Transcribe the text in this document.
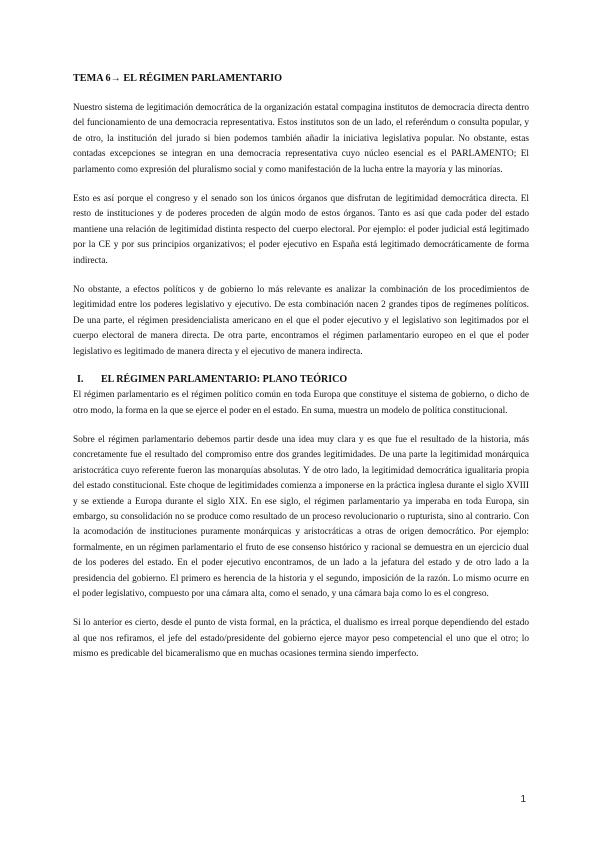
TEMA 6→ EL RÉGIMEN PARLAMENTARIO

Nuestro sistema de legitimación democrática de la organización estatal compagina institutos de democracia directa dentro del funcionamiento de una democracia representativa. Estos institutos son de un lado, el referéndum o consulta popular, y de otro, la institución del jurado si bien podemos también añadir la iniciativa legislativa popular. No obstante, estas contadas excepciones se integran en una democracia representativa cuyo núcleo esencial es el PARLAMENTO; El parlamento como expresión del pluralismo social y como manifestación de la lucha entre la mayoría y las minorías.

Esto es así porque el congreso y el senado son los únicos órganos que disfrutan de legitimidad democrática directa. El resto de instituciones y de poderes proceden de algún modo de estos órganos. Tanto es así que cada poder del estado mantiene una relación de legitimidad distinta respecto del cuerpo electoral. Por ejemplo: el poder judicial está legitimado por la CE y por sus principios organizativos; el poder ejecutivo en España está legitimado democráticamente de forma indirecta.

No obstante, a efectos políticos y de gobierno lo más relevante es analizar la combinación de los procedimientos de legitimidad entre los poderes legislativo y ejecutivo. De esta combinación nacen 2 grandes tipos de regímenes políticos. De una parte, el régimen presidencialista americano en el que el poder ejecutivo y el legislativo son legitimados por el cuerpo electoral de manera directa. De otra parte, encontramos el régimen parlamentario europeo en el que el poder legislativo es legitimado de manera directa y el ejecutivo de manera indirecta.

I.	EL RÉGIMEN PARLAMENTARIO: PLANO TEÓRICO

El régimen parlamentario es el régimen político común en toda Europa que constituye el sistema de gobierno, o dicho de otro modo, la forma en la que se ejerce el poder en el estado. En suma, muestra un modelo de política constitucional.

Sobre el régimen parlamentario debemos partir desde una idea muy clara y es que fue el resultado de la historia, más concretamente fue el resultado del compromiso entre dos grandes legitimidades. De una parte la legitimidad monárquica aristocrática cuyo referente fueron las monarquías absolutas. Y de otro lado, la legitimidad democrática igualitaria propia del estado constitucional. Este choque de legitimidades comienza a imponerse en la práctica inglesa durante el siglo XVIII y se extiende a Europa durante el siglo XIX. En ese siglo, el régimen parlamentario ya imperaba en toda Europa, sin embargo, su consolidación no se produce como resultado de un proceso revolucionario o rupturista, sino al contrario. Con la acomodación de instituciones puramente monárquicas y aristocráticas a otras de origen democrático. Por ejemplo: formalmente, en un régimen parlamentario el fruto de ese consenso histórico y racional se demuestra en un ejercicio dual de los poderes del estado. En el poder ejecutivo encontramos, de un lado a la jefatura del estado y de otro lado a la presidencia del gobierno. El primero es herencia de la historia y el segundo, imposición de la razón. Lo mismo ocurre en el poder legislativo, compuesto por una cámara alta, como el senado, y una cámara baja como lo es el congreso.

Si lo anterior es cierto, desde el punto de vista formal, en la práctica, el dualismo es irreal porque dependiendo del estado al que nos refiramos, el jefe del estado/presidente del gobierno ejerce mayor peso competencial el uno que el otro; lo mismo es predicable del bicameralismo que en muchas ocasiones termina siendo imperfecto.

1
